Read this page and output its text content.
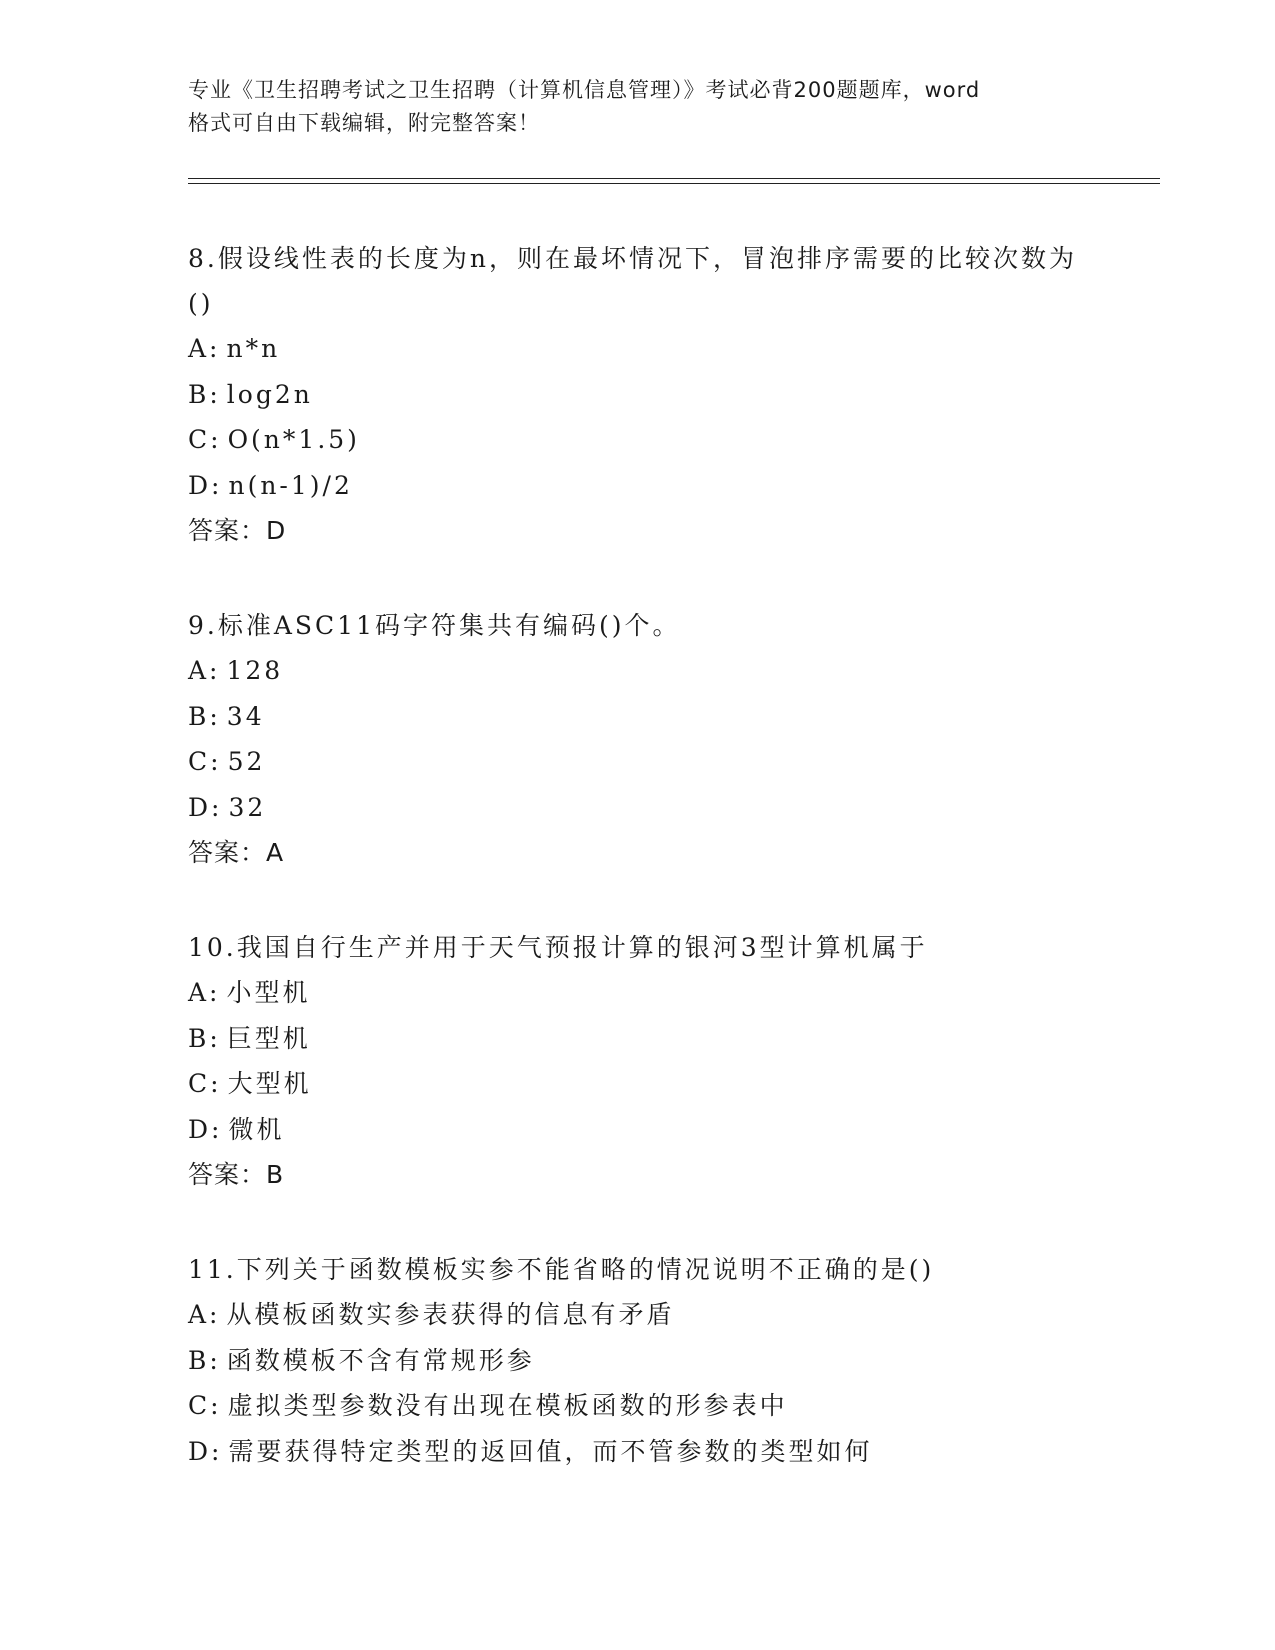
专业《卫生招聘考试之卫生招聘（计算机信息管理）》考试必背200题题库，word
格式可自由下载编辑，附完整答案！
8.假设线性表的长度为n，则在最坏情况下，冒泡排序需要的比较次数为()
A: n*n
B: log2n
C: O(n*1.5)
D: n(n-1)/2
答案：D
9.标准ASC11码字符集共有编码()个。
A: 128
B: 34
C: 52
D: 32
答案：A
10.我国自行生产并用于天气预报计算的银河3型计算机属于
A: 小型机
B: 巨型机
C: 大型机
D: 微机
答案：B
11.下列关于函数模板实参不能省略的情况说明不正确的是()
A: 从模板函数实参表获得的信息有矛盾
B: 函数模板不含有常规形参
C: 虚拟类型参数没有出现在模板函数的形参表中
D: 需要获得特定类型的返回值，而不管参数的类型如何
